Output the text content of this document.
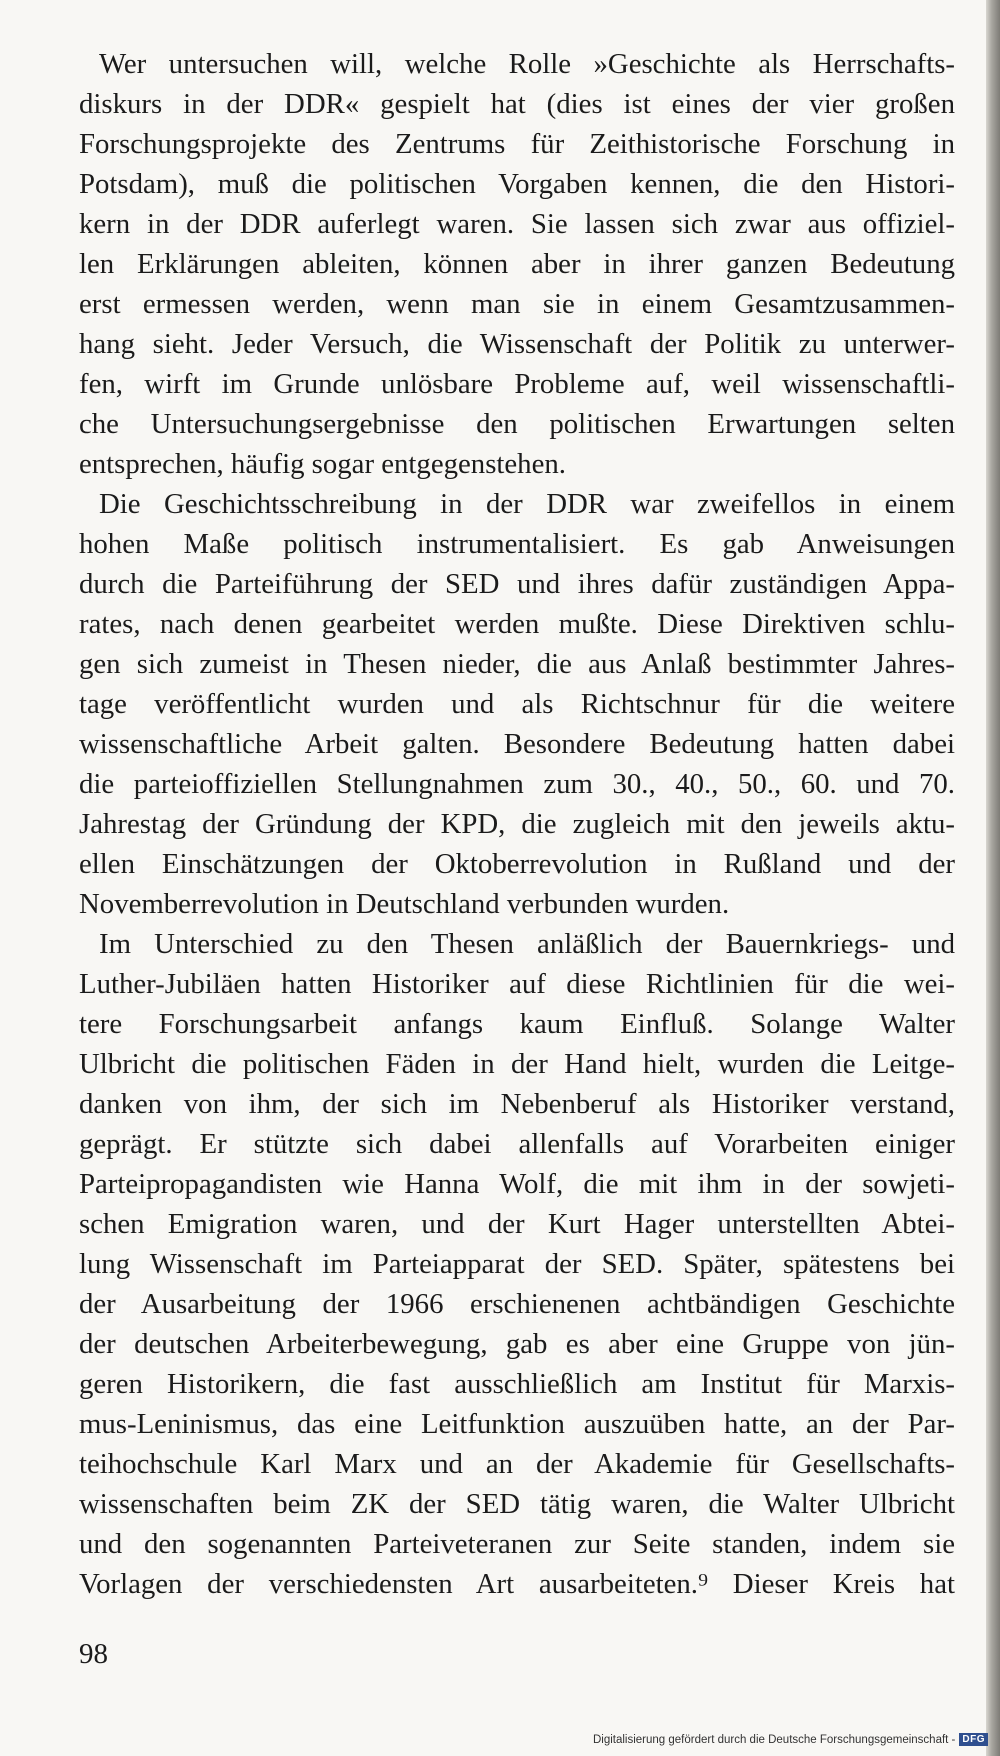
Wer untersuchen will, welche Rolle »Geschichte als Herrschafts-
diskurs in der DDR« gespielt hat (dies ist eines der vier großen
Forschungsprojekte des Zentrums für Zeithistorische Forschung in
Potsdam), muß die politischen Vorgaben kennen, die den Histori-
kern in der DDR auferlegt waren. Sie lassen sich zwar aus offiziel-
len Erklärungen ableiten, können aber in ihrer ganzen Bedeutung
erst ermessen werden, wenn man sie in einem Gesamtzusammen-
hang sieht. Jeder Versuch, die Wissenschaft der Politik zu unterwer-
fen, wirft im Grunde unlösbare Probleme auf, weil wissenschaftli-
che Untersuchungsergebnisse den politischen Erwartungen selten
entsprechen, häufig sogar entgegenstehen.
Die Geschichtsschreibung in der DDR war zweifellos in einem
hohen Maße politisch instrumentalisiert. Es gab Anweisungen
durch die Parteiführung der SED und ihres dafür zuständigen Appa-
rates, nach denen gearbeitet werden mußte. Diese Direktiven schlu-
gen sich zumeist in Thesen nieder, die aus Anlaß bestimmter Jahres-
tage veröffentlicht wurden und als Richtschnur für die weitere
wissenschaftliche Arbeit galten. Besondere Bedeutung hatten dabei
die parteioffiziellen Stellungnahmen zum 30., 40., 50., 60. und 70.
Jahrestag der Gründung der KPD, die zugleich mit den jeweils aktu-
ellen Einschätzungen der Oktoberrevolution in Rußland und der
Novemberrevolution in Deutschland verbunden wurden.
Im Unterschied zu den Thesen anläßlich der Bauernkriegs- und
Luther-Jubiläen hatten Historiker auf diese Richtlinien für die wei-
tere Forschungsarbeit anfangs kaum Einfluß. Solange Walter
Ulbricht die politischen Fäden in der Hand hielt, wurden die Leitge-
danken von ihm, der sich im Nebenberuf als Historiker verstand,
geprägt. Er stützte sich dabei allenfalls auf Vorarbeiten einiger
Parteipropagandisten wie Hanna Wolf, die mit ihm in der sowjeti-
schen Emigration waren, und der Kurt Hager unterstellten Abtei-
lung Wissenschaft im Parteiapparat der SED. Später, spätestens bei
der Ausarbeitung der 1966 erschienenen achtbändigen Geschichte
der deutschen Arbeiterbewegung, gab es aber eine Gruppe von jün-
geren Historikern, die fast ausschließlich am Institut für Marxis-
mus-Leninismus, das eine Leitfunktion auszuüben hatte, an der Par-
teihochschule Karl Marx und an der Akademie für Gesellschafts-
wissenschaften beim ZK der SED tätig waren, die Walter Ulbricht
und den sogenannten Parteiveteranen zur Seite standen, indem sie
Vorlagen der verschiedensten Art ausarbeiteten.⁹ Dieser Kreis hat
98
Digitalisierung gefördert durch die Deutsche Forschungsgemeinschaft - DFG
